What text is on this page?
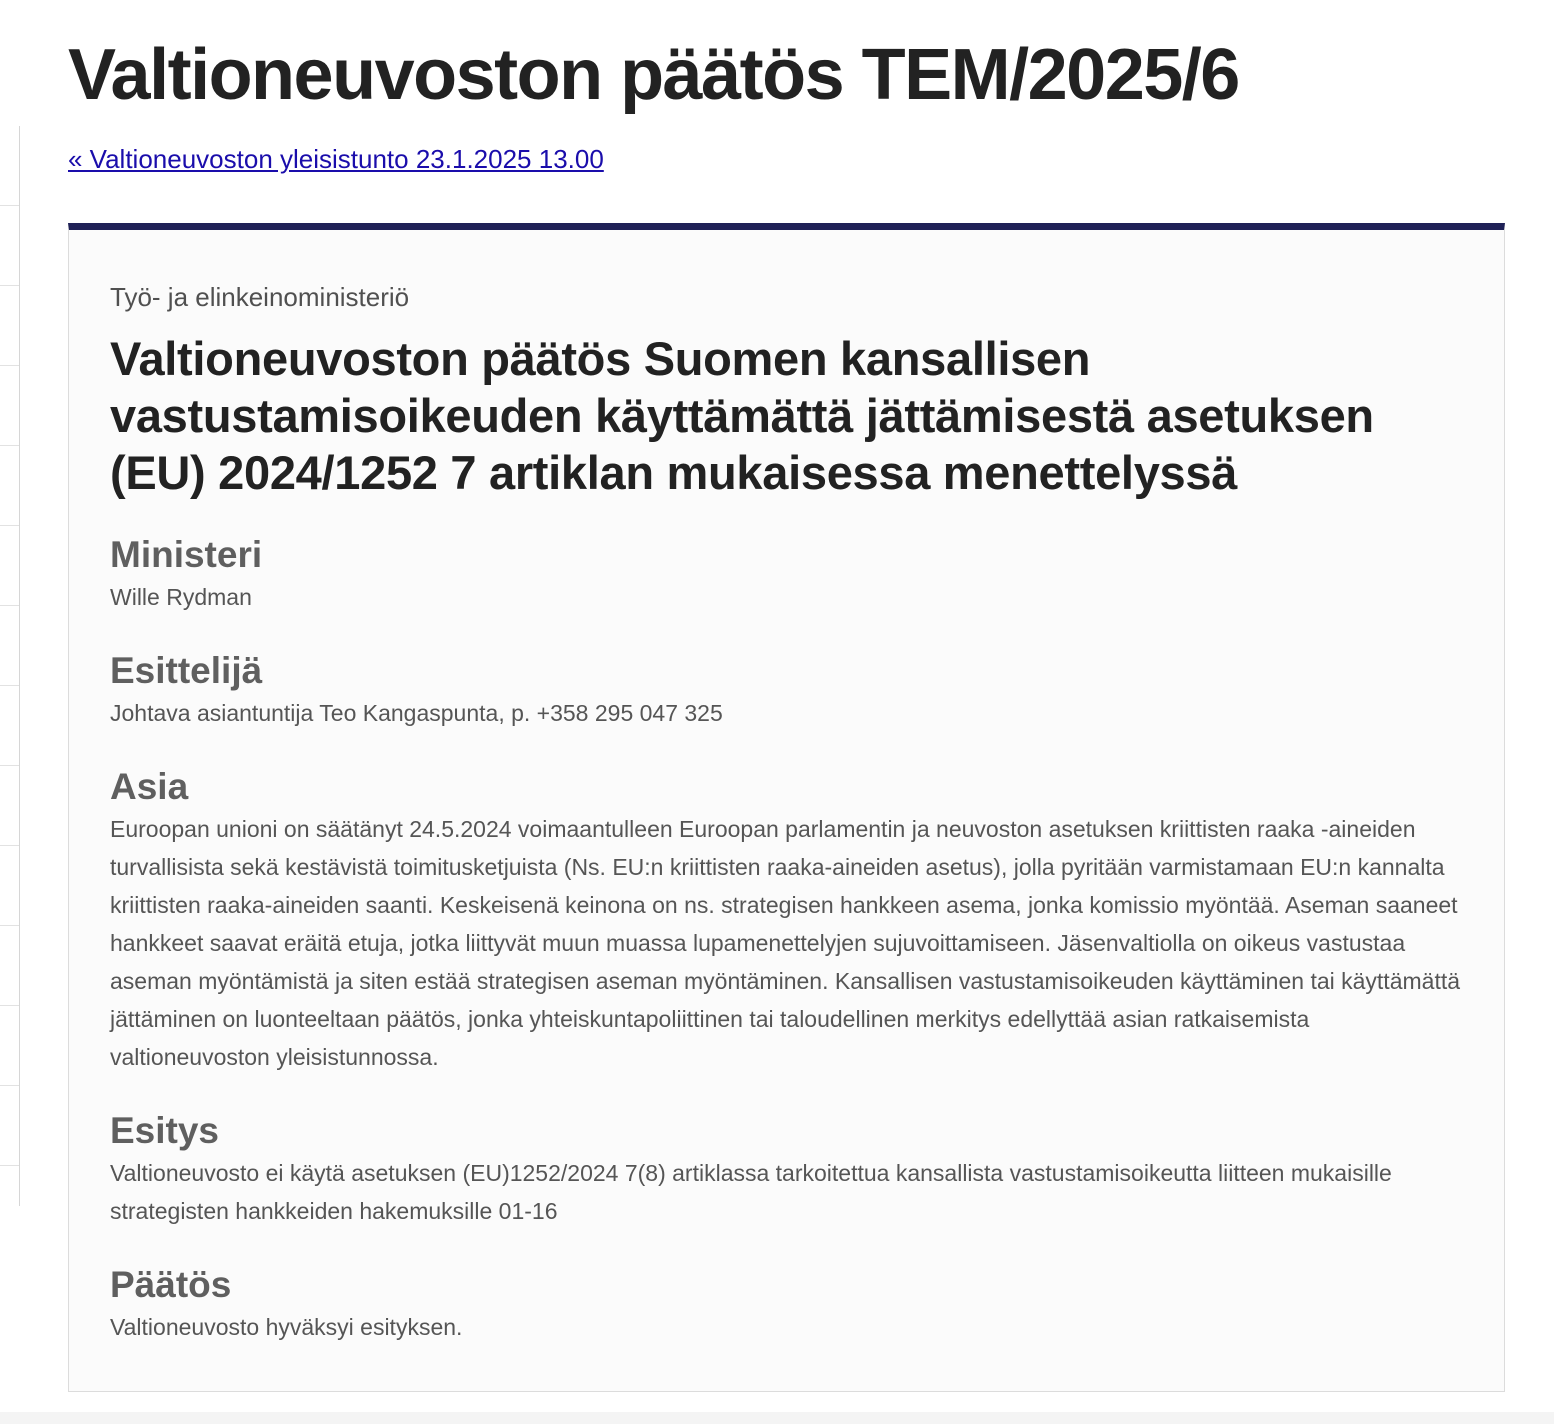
Valtioneuvoston päätös TEM/2025/6
« Valtioneuvoston yleisistunto 23.1.2025 13.00

Työ- ja elinkeinoministeriö

Valtioneuvoston päätös Suomen kansallisen vastustamisoikeuden käyttämättä jättämisestä asetuksen (EU) 2024/1252 7 artiklan mukaisessa menettelyssä
Ministeri

Wille Rydman

Esittelijä

Johtava asiantuntija Teo Kangaspunta, p. +358 295 047 325

Asia

Euroopan unioni on säätänyt 24.5.2024 voimaantulleen Euroopan parlamentin ja neuvoston asetuksen kriittisten raaka -aineiden turvallisista sekä kestävistä toimitusketjuista (Ns. EU:n kriittisten raaka-aineiden asetus), jolla pyritään varmistamaan EU:n kannalta kriittisten raaka-aineiden saanti. Keskeisenä keinona on ns. strategisen hankkeen asema, jonka komissio myöntää. Aseman saaneet hankkeet saavat eräitä etuja, jotka liittyvät muun muassa lupamenettelyjen sujuvoittamiseen. Jäsenvaltiolla on oikeus vastustaa aseman myöntämistä ja siten estää strategisen aseman myöntäminen. Kansallisen vastustamisoikeuden käyttäminen tai käyttämättä jättäminen on luonteeltaan päätös, jonka yhteiskuntapoliittinen tai taloudellinen merkitys edellyttää asian ratkaisemista valtioneuvoston yleisistunnossa.

Esitys

Valtioneuvosto ei käytä asetuksen (EU)1252/2024 7(8) artiklassa tarkoitettua kansallista vastustamisoikeutta liitteen mukaisille strategisten hankkeiden hakemuksille 01-16

Päätös

Valtioneuvosto hyväksyi esityksen.
